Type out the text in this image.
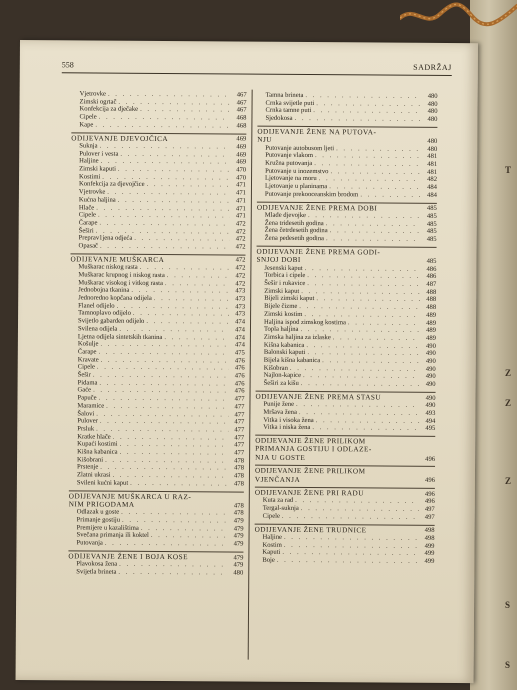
T
Z
Z
Z
S
S
558	SADRŽAJ
Vjetrovke . . .	467
Zimski ogrtač . . .	467
Konfekcija za dječake . . .	467
Cipele . . .	468
Kape . . .	468
ODIJEVANJE DJEVOJČICA	469
Suknja . . .	469
Pulover i vesta . . .	469
Haljine . . .	469
Zimski kaputi . . .	470
Kostimi . . .	470
Konfekcija za djevojčice . . .	471
Vjetrovke . . .	471
Kućna haljina . . .	471
Hlače . . .	471
Cipele . . .	471
Čarape . . .	472
Šeširi . . .	472
Preprav1jena odjeća . . .	472
Opasač . . .	472
ODIJEVANJE MUŠKARCA	472
Muškarac niskog rasta . . .	472
Muškarac krupnog i niskog rasta . . .	472
Muškarac visokog i vitkog rasta . . .	472
Jednobojna tkanina . . .	473
Jednoredno kopčana odijela . . .	473
Flanel odijelo . . .	473
Tamnoplavo odijelo . . .	473
Svijetlo gabarden odijelo . . .	474
Svilena odijela . . .	474
Ljetna odijela sintetskih tkanina . . .	474
Košulje . . .	474
Čarape . . .	475
Kravate . . .	476
Cipele . . .	476
Šešir . . .	476
Pidama . . .	476
Gaće . . .	476
Papuče . . .	477
Maramice . . .	477
Šalovi . . .	477
Pulover . . .	477
Prsluk . . .	477
Kratke hlače . . .	477
Kupaći kostimi . . .	477
Kišna kabanica . . .	477
Kišobrani . . .	478
Prstenje . . .	478
Zlatni ukrasi . . .	478
Svileni kućni kaput . . .	478
ODIJEVANJE MUŠKARCA U RAZ-
NIM PRIGODAMA	478
Odlazak u goste . . .	478
Primanje gostiju . . .	479
Premijere u kazalištima . . .	479
Svečana primanja ili koktel . . .	479
Putovanja . . .	479
ODIJEVANJE ŽENE I BOJA KOSE	479
Plavokosa žena . . .	479
Svijetla brineta . . .	480
Tamna brineta . . .	480
Crnka svijetle puti . . .	480
Crnka tamne puti . . .	480
Sjedokosa . . .	480
ODIJEVANJE ŽENE NA PUTOVA-
NJU	480
Putovanje autobusom ljeti . . .	480
Putovanje vlakom . . .	481
Kružna putovanja . . .	481
Putovanje u inozemstvo . . .	481
Ljetovanje na moru . . .	482
Ljetovanje u planinama . . .	484
Putovanje prekooceanskim brodom . . .	484
ODIJEVANJE ŽENE PREMA DOBI	485
Mlade djevojke . . .	485
Žena tridesetih godina . . .	485
Žena četrdesetih godina . . .	485
Žena pedesetih godina . . .	485
ODIJEVANJE ŽENE PREMA GODI-
SNJOJ DOBI	485
Jesenski kaput . . .	486
Torbica i cipele . . .	486
Šešir i rukavice . . .	487
Zimski kaput . . .	488
Bijeli zimski kaput . . .	488
Bijele čizme . . .	488
Zimski kostim . . .	489
Haljina ispod zimskog kostima . . .	489
Topla haljina . . .	489
Zimska haljina za izlaske . . .	489
Kišna kabanica . . .	490
Balonski kaputi . . .	490
Bijela kišna kabanica . . .	490
Kišobran . . .	490
Najlon-kapice . . .	490
Šeširi za kišu . . .	490
ODIJEVANJE ŽENE PREMA STASU	490
Punije žene . . .	490
Mršava žena . . .	493
Vitka i visoka žena . . .	494
Vitka i niska žena . . .	495
ODIJEVANJE ŽENE PRILIKOM
PRIMANJA GOSTIJU I ODLAZE-
NJA U GOSTE	496
ODIJEVANJE ŽENE PRILIKOM
VJENČANJA	496
ODIJEVANJE ŽENE PRI RADU	496
Kuta za rad . . .	496
Tergal-suknja . . .	497
Cipele . . .	497
ODIJEVANJE ŽENE TRUDNICE	498
Haljine . . .	498
Kostim . . .	499
Kaputi . . .	499
Boje . . .	499
